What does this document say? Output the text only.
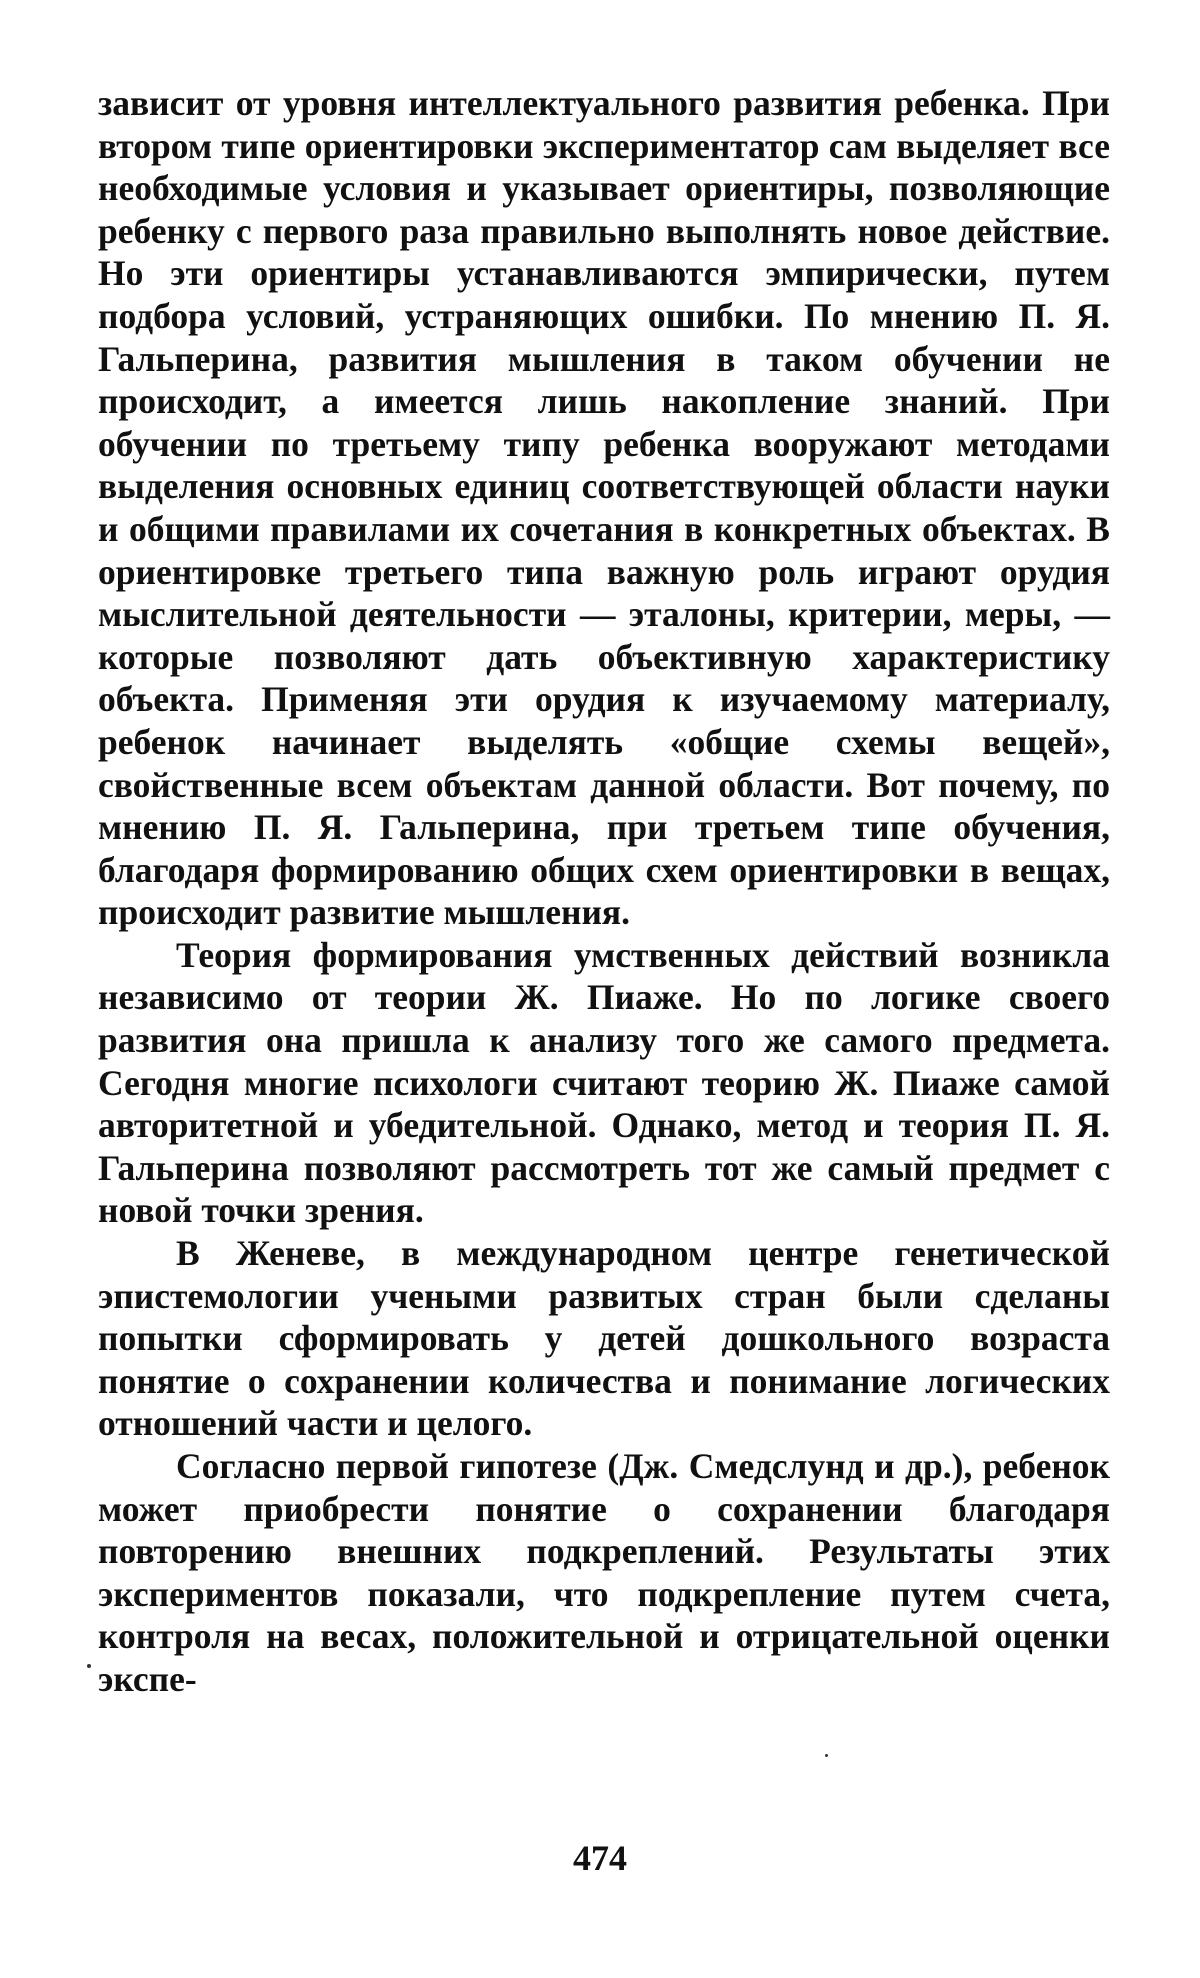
зависит от уровня интеллектуального развития ребенка. При втором типе ориентировки экспериментатор сам выделяет все необходимые условия и указывает ориентиры, позволяющие ребенку с первого раза правильно выполнять новое действие. Но эти ориентиры устанавливаются эмпирически, путем подбора условий, устраняющих ошибки. По мнению П. Я. Гальперина, развития мышления в таком обучении не происходит, а имеется лишь накопление знаний. При обучении по третьему типу ребенка вооружают методами выделения основных единиц соответствующей области науки и общими правилами их сочетания в конкретных объектах. В ориентировке третьего типа важную роль играют орудия мыслительной деятельности — эталоны, критерии, меры, — которые позволяют дать объективную характеристику объекта. Применяя эти орудия к изучаемому материалу, ребенок начинает выделять «общие схемы вещей», свойственные всем объектам данной области. Вот почему, по мнению П. Я. Гальперина, при третьем типе обучения, благодаря формированию общих схем ориентировки в вещах, происходит развитие мышления.

Теория формирования умственных действий возникла независимо от теории Ж. Пиаже. Но по логике своего развития она пришла к анализу того же самого предмета. Сегодня многие психологи считают теорию Ж. Пиаже самой авторитетной и убедительной. Однако, метод и теория П. Я. Гальперина позволяют рассмотреть тот же самый предмет с новой точки зрения.

В Женеве, в международном центре генетической эпистемологии учеными развитых стран были сделаны попытки сформировать у детей дошкольного возраста понятие о сохранении количества и понимание логических отношений части и целого.

Согласно первой гипотезе (Дж. Смедслунд и др.), ребенок может приобрести понятие о сохранении благодаря повторению внешних подкреплений. Результаты этих экспериментов показали, что подкрепление путем счета, контроля на весах, положительной и отрицательной оценки экспе-

474
